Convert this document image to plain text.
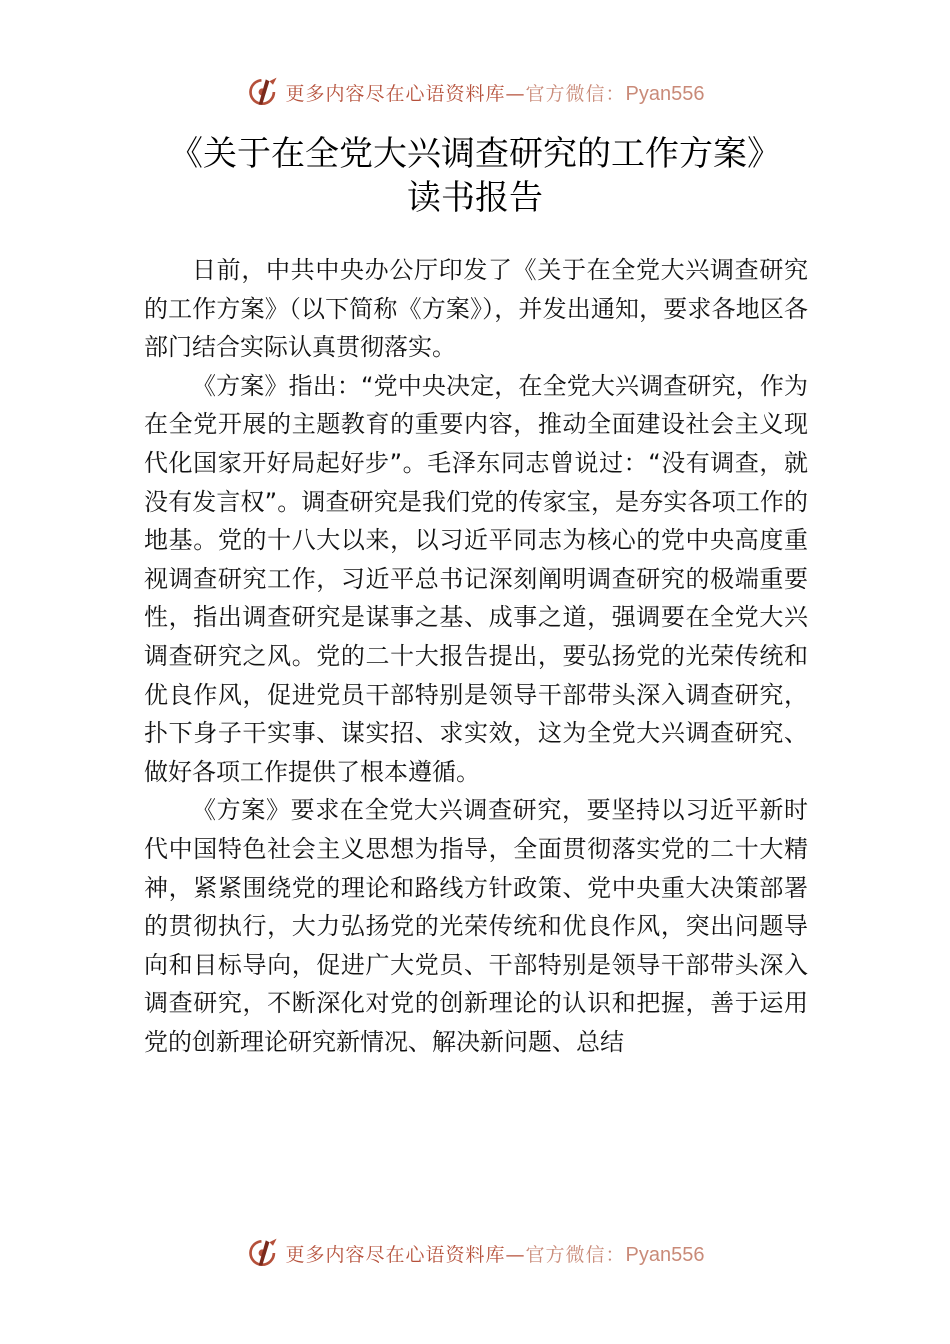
更多内容尽在心语资料库—官方微信：Pyan556
《关于在全党大兴调查研究的工作方案》
读书报告

日前，中共中央办公厅印发了《关于在全党大兴调查研究的工作方案》（以下简称《方案》），并发出通知，要求各地区各部门结合实际认真贯彻落实。

《方案》指出：“党中央决定，在全党大兴调查研究，作为在全党开展的主题教育的重要内容，推动全面建设社会主义现代化国家开好局起好步”。毛泽东同志曾说过：“没有调查，就没有发言权”。调查研究是我们党的传家宝，是夯实各项工作的地基。党的十八大以来，以习近平同志为核心的党中央高度重视调查研究工作，习近平总书记深刻阐明调查研究的极端重要性，指出调查研究是谋事之基、成事之道，强调要在全党大兴调查研究之风。党的二十大报告提出，要弘扬党的光荣传统和优良作风，促进党员干部特别是领导干部带头深入调查研究，扑下身子干实事、谋实招、求实效，这为全党大兴调查研究、做好各项工作提供了根本遵循。

《方案》要求在全党大兴调查研究，要坚持以习近平新时代中国特色社会主义思想为指导，全面贯彻落实党的二十大精神，紧紧围绕党的理论和路线方针政策、党中央重大决策部署的贯彻执行，大力弘扬党的光荣传统和优良作风，突出问题导向和目标导向，促进广大党员、干部特别是领导干部带头深入调查研究，不断深化对党的创新理论的认识和把握，善于运用党的创新理论研究新情况、解决新问题、总结

更多内容尽在心语资料库—官方微信：Pyan556
